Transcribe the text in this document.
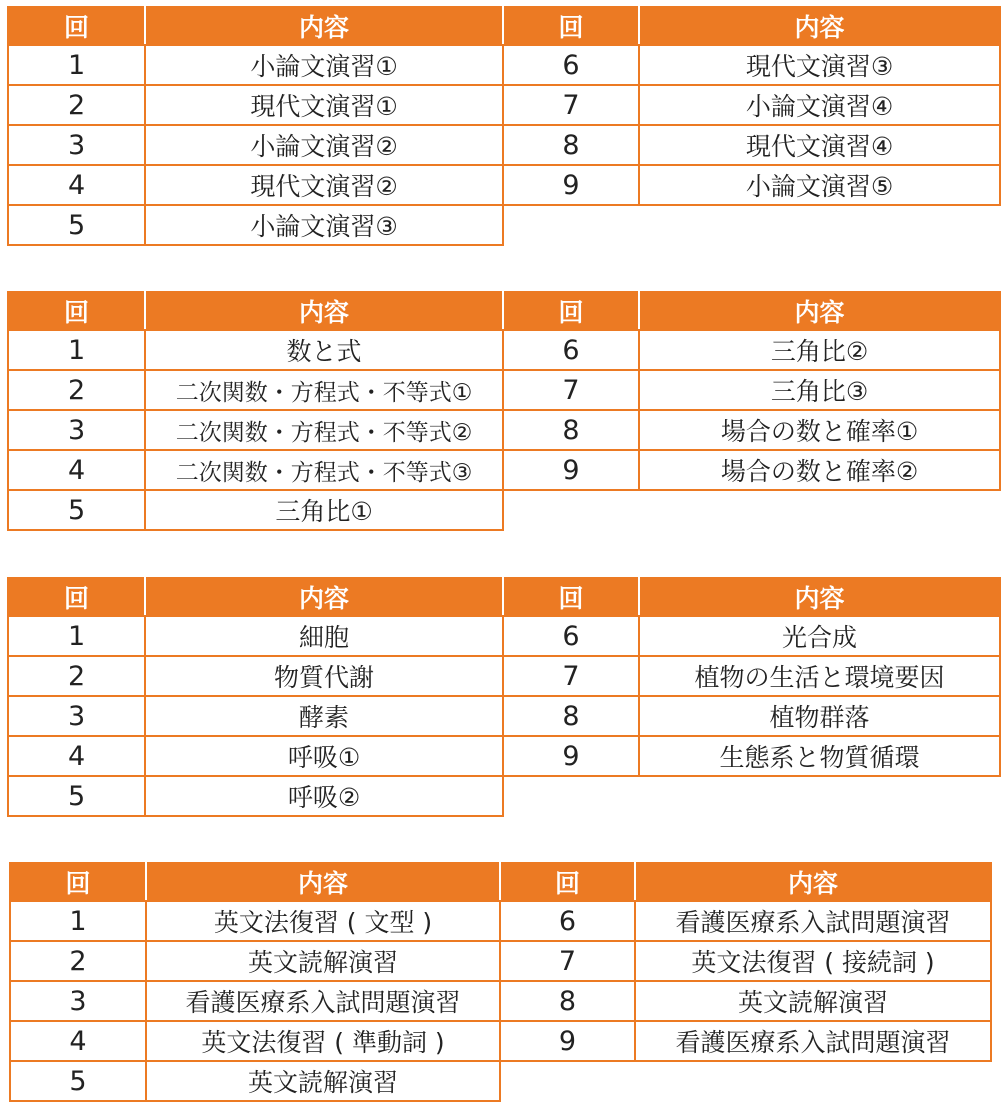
回	内容	回	内容
1	小論文演習①	6	現代文演習③
2	現代文演習①	7	小論文演習④
3	小論文演習②	8	現代文演習④
4	現代文演習②	9	小論文演習⑤
5	小論文演習③		
回	内容	回	内容
1	数と式	6	三角比②
2	二次関数・方程式・不等式①	7	三角比③
3	二次関数・方程式・不等式②	8	場合の数と確率①
4	二次関数・方程式・不等式③	9	場合の数と確率②
5	三角比①		
回	内容	回	内容
1	細胞	6	光合成
2	物質代謝	7	植物の生活と環境要因
3	酵素	8	植物群落
4	呼吸①	9	生態系と物質循環
5	呼吸②		
回	内容	回	内容
1	英文法復習 ( 文型 )	6	看護医療系入試問題演習
2	英文読解演習	7	英文法復習 ( 接続詞 )
3	看護医療系入試問題演習	8	英文読解演習
4	英文法復習 ( 準動詞 )	9	看護医療系入試問題演習
5	英文読解演習		
